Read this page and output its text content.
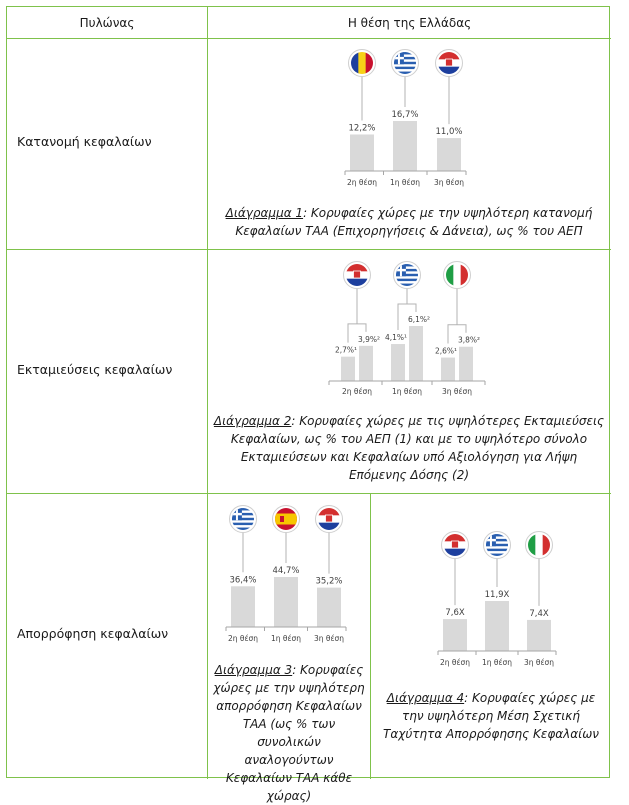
Πυλώνας	Η θέση της Ελλάδας
Κατανομή κεφαλαίων
Εκταμιεύσεις κεφαλαίων
Απορρόφηση κεφαλαίων
12,2%
2η θέση
16,7%
1η θέση
11,0%
3η θέση
Διάγραμμα 1: Κορυφαίες χώρες με την υψηλότερη κατανομή Κεφαλαίων ΤΑΑ (Επιχορηγήσεις & Δάνεια), ως % του ΑΕΠ
2,7%¹
3,9%²
2η θέση
4,1%¹
6,1%²
1η θέση
2,6%¹
3,8%²
3η θέση
Διάγραμμα 2: Κορυφαίες χώρες με τις υψηλότερες Εκταμιεύσεις Κεφαλαίων, ως % του ΑΕΠ (1) και με το υψηλότερο σύνολο Εκταμιεύσεων και Κεφαλαίων υπό Αξιολόγηση για Λήψη Επόμενης Δόσης (2)
36,4%
2η θέση
44,7%
1η θέση
35,2%
3η θέση
Διάγραμμα 3: Κορυφαίες χώρες με την υψηλότερη απορρόφηση Κεφαλαίων ΤΑΑ (ως % των συνολικών αναλογούντων Κεφαλαίων ΤΑΑ κάθε χώρας)
7,6X
2η θέση
11,9X
1η θέση
7,4X
3η θέση
Διάγραμμα 4: Κορυφαίες χώρες με την υψηλότερη Μέση Σχετική Ταχύτητα Απορρόφησης Κεφαλαίων
